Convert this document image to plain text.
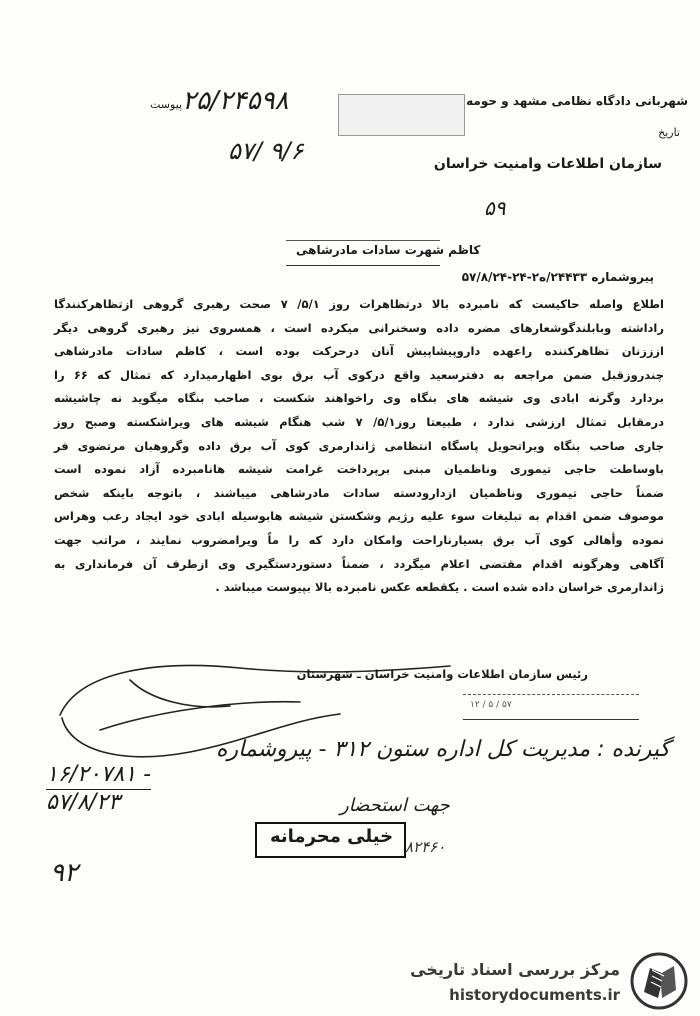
شهربانی دادگاه نظامی مشهد و حومه
پیوست
تاریخ
۲۵/۲۴۵۹۸
۵۷/ ۹/۶	سازمان اطلاعات وامنیت خراسان
۵۹
کاظم شهرت سادات مادرشاهی
پیروشماره ۲۴۴۳۳/ه۲-۲۴-۵۷/۸/۲۴

اطلاع واصله حاکیست که نامبرده بالا درتظاهرات روز ۵/۱/ ۷ صحت رهبری گروهی ازتظاهرکنندگا

راداشته وبابلندگوشعارهای مضره داده وسخنرانی میکرده است ، همسروی نیز رهبری گروهی دیگر

ازززنان تظاهرکننده راعهده داروپیشاپیش آنان درحرکت بوده است ، کاظم سادات مادرشاهی

چندروزقبل ضمن مراجعه به دفترسعید واقع درکوی آب برق بوی اظهارمیدارد که تمثال که ۶۶ را

بردارد وگرنه ابادی وی شیشه های بنگاه وی راخواهند شکست ، صاحب بنگاه میگوید نه چاشیشه

درمقابل تمثال ارزشی ندارد ، طبیعتا روز۵/۱/ ۷ شب هنگام شیشه های ویراشکسته وصبح روز

جاری صاحب بنگاه ویراتحویل پاسگاه انتظامی ژاندارمری کوی آب برق داده وگروهبان مرتضوی فر

باوساطت حاجی تیموری وناظمیان مبنی برپرداخت غرامت شیشه هانامبرده آزاد نموده است

ضمناً حاجی تیموری وناظمیان ازدارودسته سادات مادرشاهی میباشند ، باتوجه باینکه شخص

موصوف ضمن اقدام به تبلیغات سوء علیه رژیم وشکستن شیشه هابوسیله ابادی خود ایجاد رعب وهراس

نموده وأهالی کوی آب برق بسیارناراحت وامکان دارد که را ماً ویرامضروب نمایند ، مراتب جهت

آگاهی وهرگونه اقدام مقتضی اعلام میگردد ، ضمناً دستوردستگیری وی ازطرف آن فرمانداری به

ژاندارمری خراسان داده شده است . یکقطعه عکس نامبرده بالا بپیوست میباشد .

رئیس سازمان اطلاعات وامنیت خراسان ـ شهرستان
۱۲ / ۵ / ۵۷
گیرنده : مدیریت کل اداره ستون ۳۱۲ - پیروشماره
۱۶/۲۰۷۸۱ -
۵۷/۸/۲۳	جهت استحضار
۸۲۴۶۰
خیلی محرمانه
۹۲
مرکز بررسی اسناد تاریخی
historydocuments.ir
